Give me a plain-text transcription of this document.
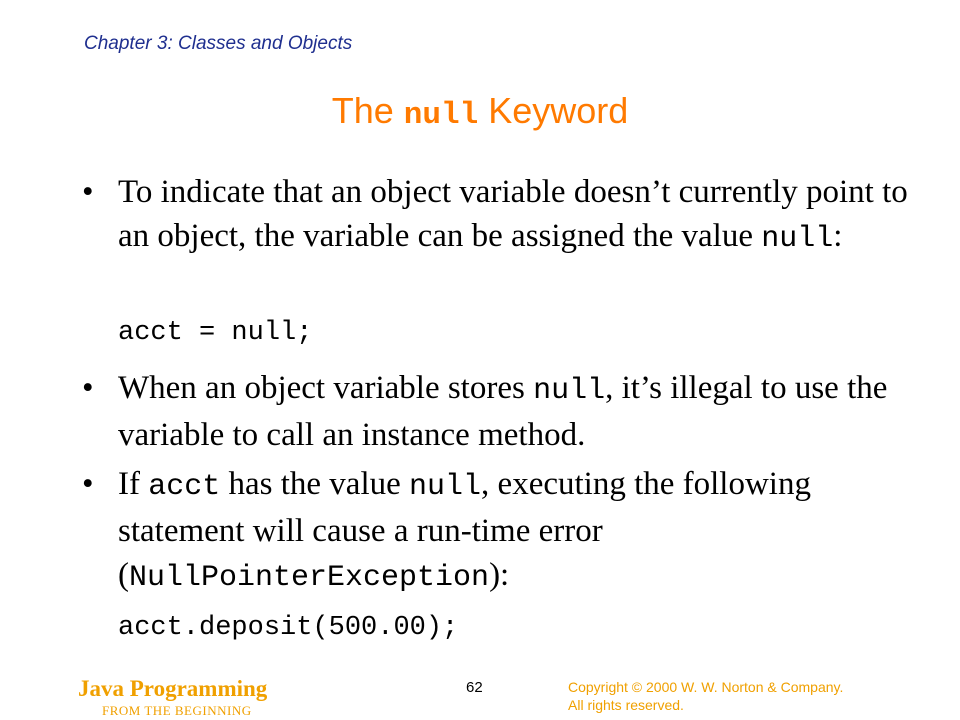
Chapter 3: Classes and Objects
The null Keyword
• To indicate that an object variable doesn’t currently point to an object, the variable can be assigned the value null:
• When an object variable stores null, it’s illegal to use the variable to call an instance method.
• If acct has the value null, executing the following statement will cause a run-time error (NullPointerException):
acct = null;
acct.deposit(500.00);
Java Programming
FROM THE BEGINNING
62	Copyright © 2000 W. W. Norton & Company.
All rights reserved.
